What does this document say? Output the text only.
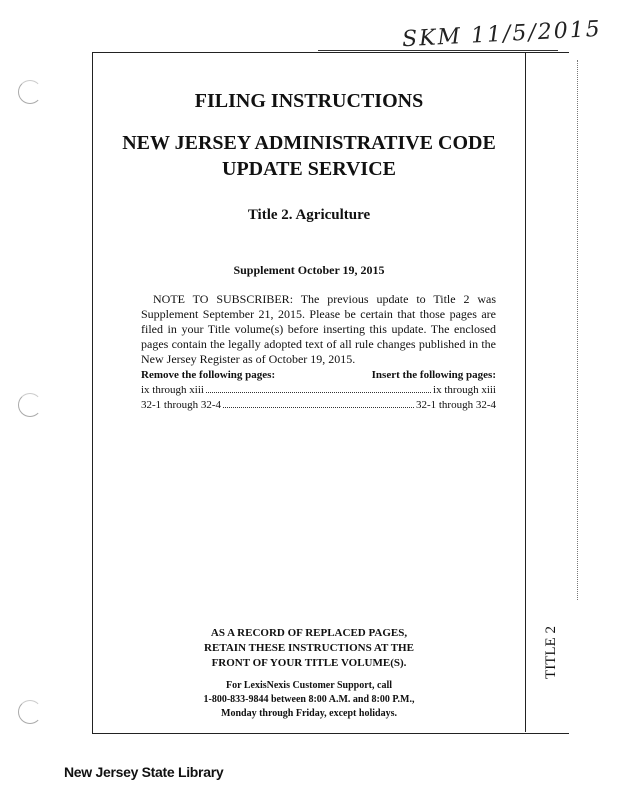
SKM 11/5/2015
FILING INSTRUCTIONS
NEW JERSEY ADMINISTRATIVE CODE
UPDATE SERVICE
Title 2. Agriculture
Supplement October 19, 2015
NOTE TO SUBSCRIBER: The previous update to Title 2 was Supplement September 21, 2015. Please be certain that those pages are filed in your Title volume(s) before inserting this update. The enclosed pages contain the legally adopted text of all rule changes published in the New Jersey Register as of October 19, 2015.
Remove the following pages:	Insert the following pages:
ix through xiii	ix through xiii
32-1 through 32-4	32-1 through 32-4
TITLE 2
AS A RECORD OF REPLACED PAGES,
RETAIN THESE INSTRUCTIONS AT THE
FRONT OF YOUR TITLE VOLUME(S).
For LexisNexis Customer Support, call
1-800-833-9844 between 8:00 A.M. and 8:00 P.M.,
Monday through Friday, except holidays.
New Jersey State Library
